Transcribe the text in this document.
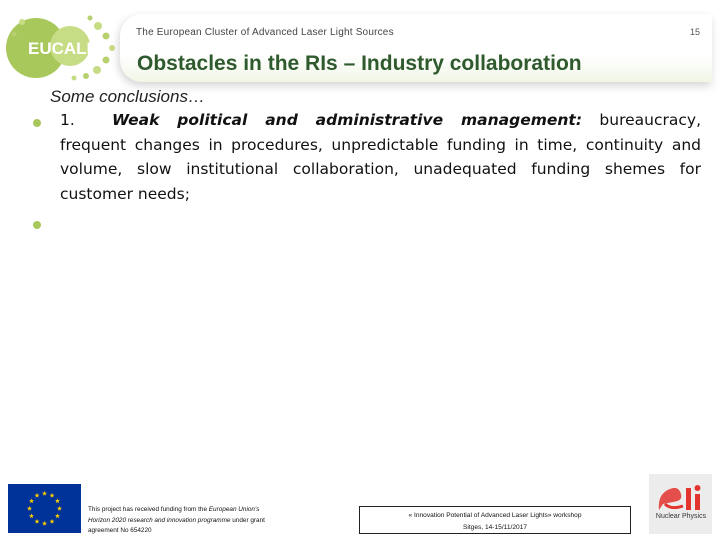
EUCALL
The European Cluster of Advanced Laser Light Sources	15
Obstacles in the RIs – Industry collaboration
Some conclusions…
1. Weak political and administrative management: bureaucracy, frequent changes in procedures, unpredictable funding in time, continuity and volume, slow institutional collaboration, unadequated funding shemes for customer needs;
This project has received funding from the European Union's Horizon 2020 research and innovation programme under grant agreement No 654220
« Innovation Potential of Advanced Laser Lights» workshop
Sitges, 14-15/11/2017
Nuclear Physics
